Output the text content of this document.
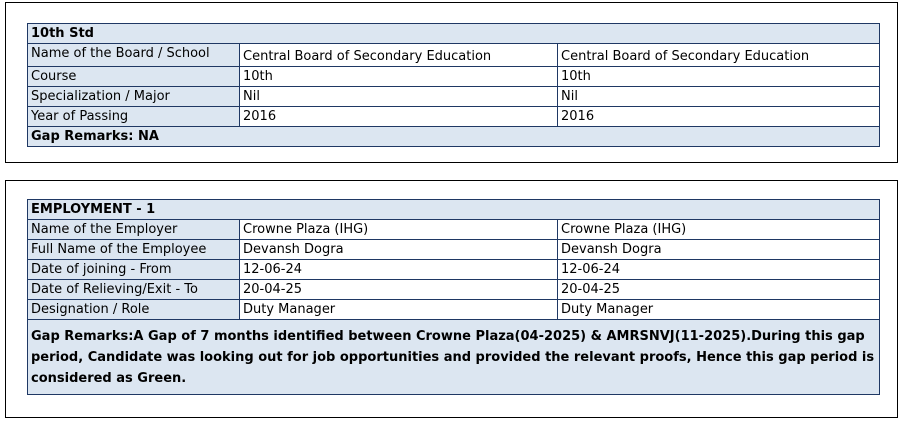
10th Std		
Name of the Board / School	Central Board of Secondary Education	Central Board of Secondary Education
Course	10th	10th
Specialization / Major	Nil	Nil
Year of Passing	2016	2016
Gap Remarks: NA		
EMPLOYMENT - 1		
Name of the Employer	Crowne Plaza (IHG)	Crowne Plaza (IHG)
Full Name of the Employee	Devansh Dogra	Devansh Dogra
Date of joining - From	12-06-24	12-06-24
Date of Relieving/Exit - To	20-04-25	20-04-25
Designation / Role	Duty Manager	Duty Manager
Gap Remarks:A Gap of 7 months identified between Crowne Plaza(04-2025) & AMRSNVJ(11-2025).During this gap period, Candidate was looking out for job opportunities and provided the relevant proofs, Hence this gap period is considered as Green.		
